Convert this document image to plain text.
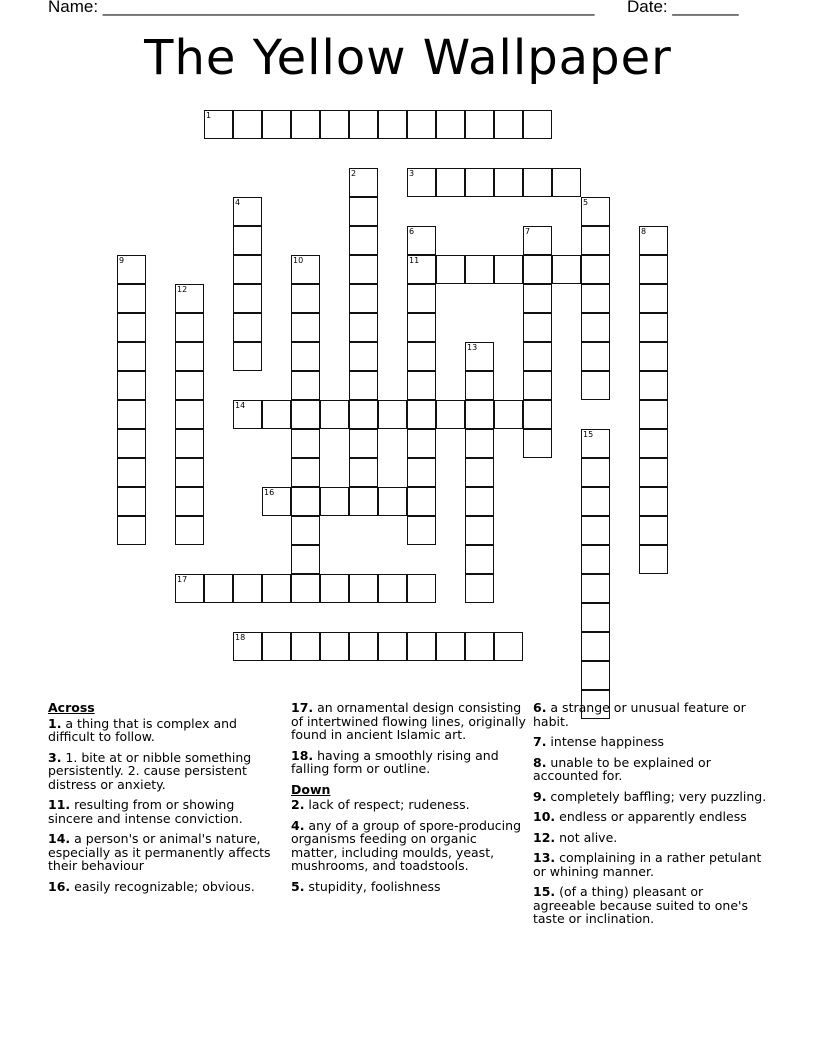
Name: ____________________________________________________ Date: _______
The Yellow Wallpaper
1
2	3
4	5
6
11
7	8
9	10
12
13
14
15
16
17
18
Across
1. a thing that is complex and difficult to follow.
3. 1. bite at or nibble something persistently. 2. cause persistent distress or anxiety.
11. resulting from or showing sincere and intense conviction.
14. a person's or animal's nature, especially as it permanently affects their behaviour
16. easily recognizable; obvious.
17. an ornamental design consisting of intertwined flowing lines, originally found in ancient Islamic art.
18. having a smoothly rising and falling form or outline.
Down
2. lack of respect; rudeness.
4. any of a group of spore-producing organisms feeding on organic matter, including moulds, yeast, mushrooms, and toadstools.
5. stupidity, foolishness
6. a strange or unusual feature or habit.
7. intense happiness
8. unable to be explained or accounted for.
9. completely baffling; very puzzling.
10. endless or apparently endless
12. not alive.
13. complaining in a rather petulant or whining manner.
15. (of a thing) pleasant or agreeable because suited to one's taste or inclination.
